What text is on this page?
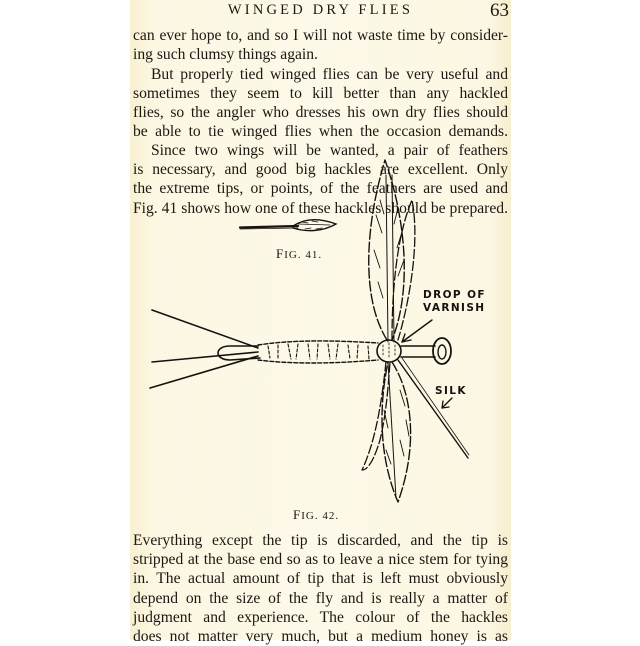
WINGED DRY FLIES	63
can ever hope to, and so I will not waste time by consider-
ing such clumsy things again.
But properly tied winged flies can be very useful and
sometimes they seem to kill better than any hackled
flies, so the angler who dresses his own dry flies should
be able to tie winged flies when the occasion demands.
Since two wings will be wanted, a pair of feathers
is necessary, and good big hackles are excellent. Only
the extreme tips, or points, of the feathers are used and
Fig. 41 shows how one of these hackles should be prepared.
FIG. 41.
DROP OF
VARNISH
SILK
FIG. 42.
Everything except the tip is discarded, and the tip is
stripped at the base end so as to leave a nice stem for tying
in. The actual amount of tip that is left must obviously
depend on the size of the fly and is really a matter of
judgment and experience. The colour of the hackles
does not matter very much, but a medium honey is as
